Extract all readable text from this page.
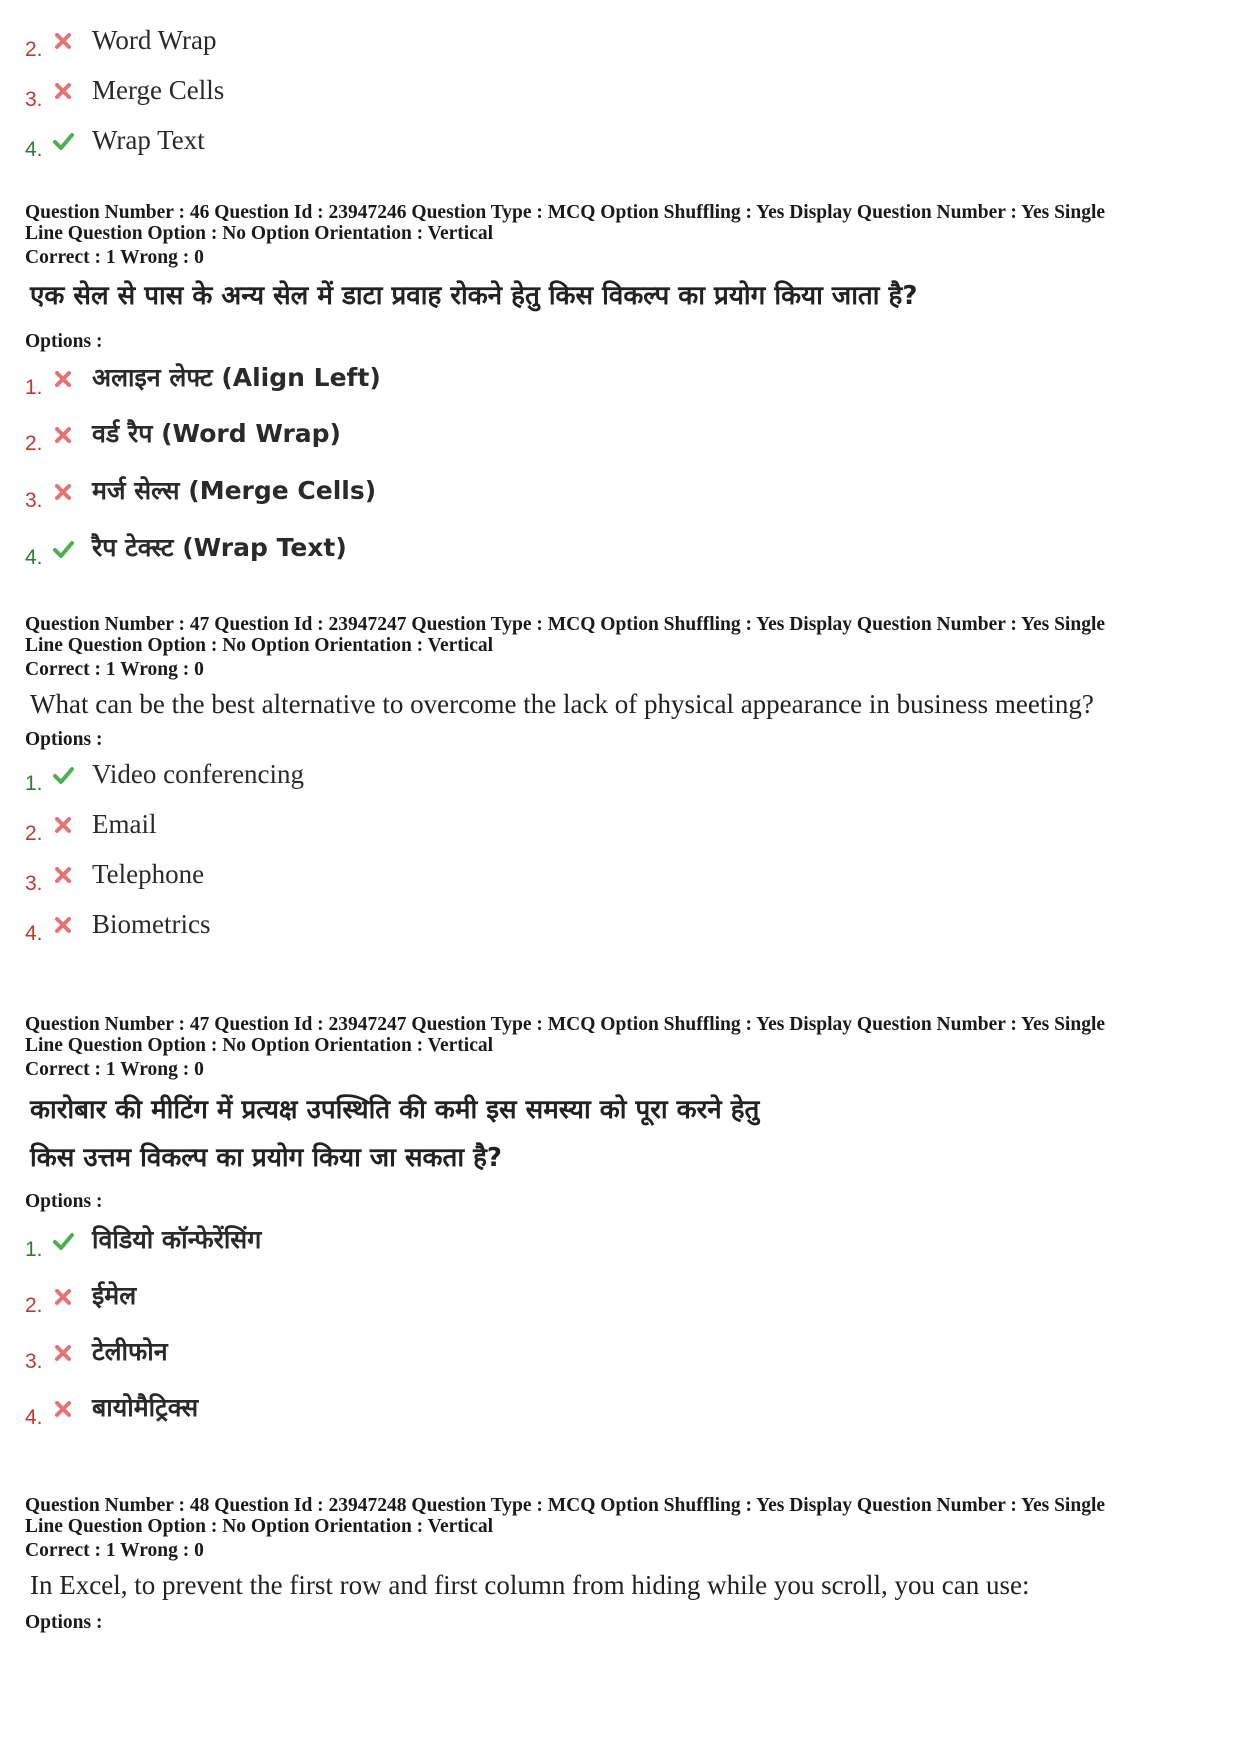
2. Word Wrap
3. Merge Cells
4. Wrap Text
Question Number : 46 Question Id : 23947246 Question Type : MCQ Option Shuffling : Yes Display Question Number : Yes Single
Line Question Option : No Option Orientation : Vertical
Correct : 1 Wrong : 0
एक सेल से पास के अन्य सेल में डाटा प्रवाह रोकने हेतु किस विकल्प का प्रयोग किया जाता है?
Options :
1. अलाइन लेफ्ट (Align Left)
2. वर्ड रैप (Word Wrap)
3. मर्ज सेल्स (Merge Cells)
4. रैप टेक्स्ट (Wrap Text)
Question Number : 47 Question Id : 23947247 Question Type : MCQ Option Shuffling : Yes Display Question Number : Yes Single
Line Question Option : No Option Orientation : Vertical
Correct : 1 Wrong : 0
What can be the best alternative to overcome the lack of physical appearance in business meeting?
Options :
1. Video conferencing
2. Email
3. Telephone
4. Biometrics
Question Number : 47 Question Id : 23947247 Question Type : MCQ Option Shuffling : Yes Display Question Number : Yes Single
Line Question Option : No Option Orientation : Vertical
Correct : 1 Wrong : 0
कारोबार की मीटिंग में प्रत्यक्ष उपस्थिति की कमी इस समस्या को पूरा करने हेतु
किस उत्तम विकल्प का प्रयोग किया जा सकता है?
Options :
1. विडियो कॉन्फेरेंसिंग
2. ईमेल
3. टेलीफोन
4. बायोमैट्रिक्स
Question Number : 48 Question Id : 23947248 Question Type : MCQ Option Shuffling : Yes Display Question Number : Yes Single
Line Question Option : No Option Orientation : Vertical
Correct : 1 Wrong : 0
In Excel, to prevent the first row and first column from hiding while you scroll, you can use:
Options :
